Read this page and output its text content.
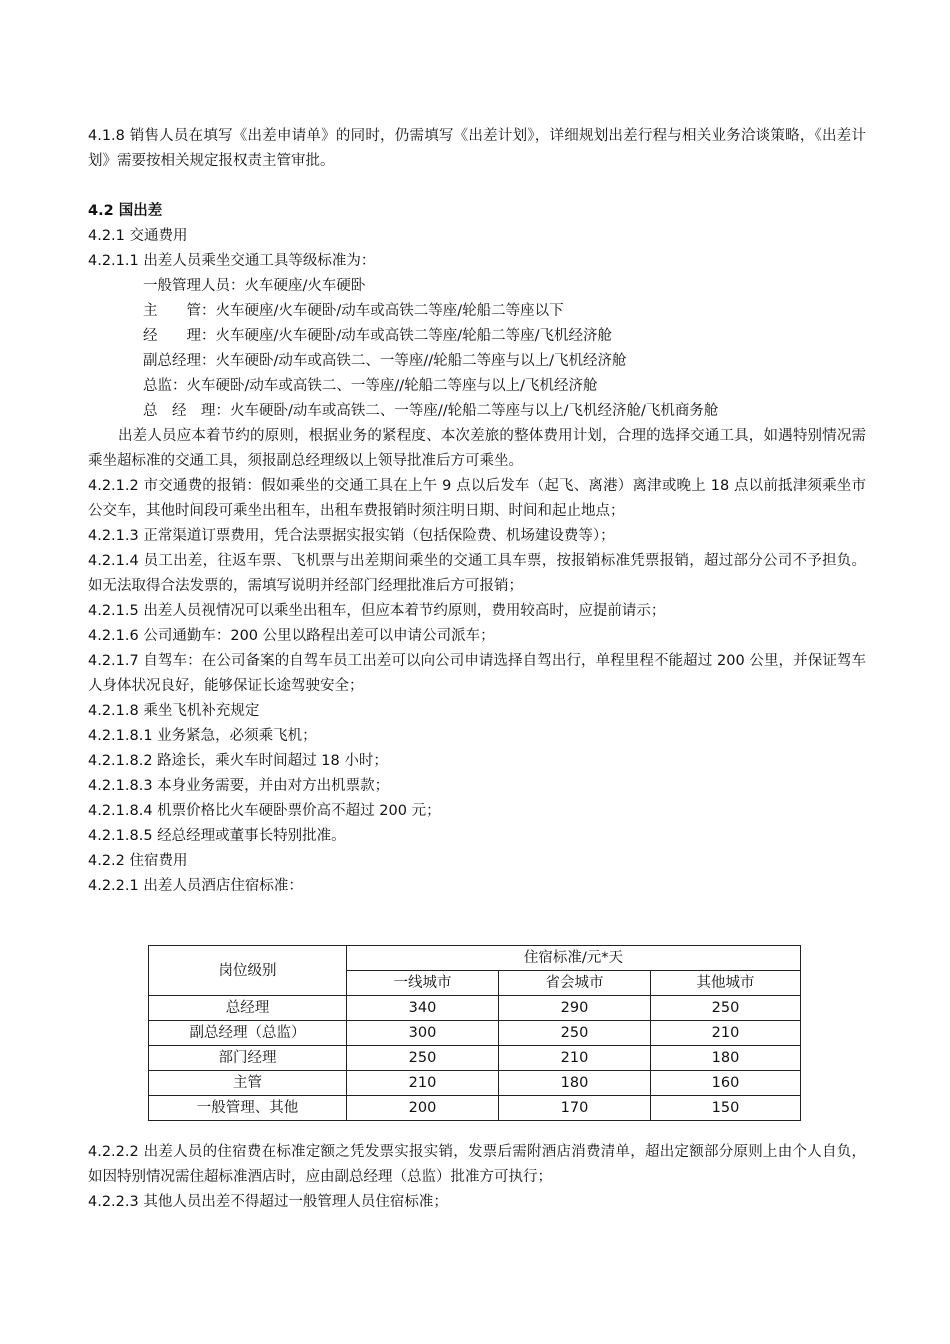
4.1.8 销售人员在填写《出差申请单》的同时，仍需填写《出差计划》，详细规划出差行程与相关业务洽谈策略，《出差计划》需要按相关规定报权责主管审批。

4.2 国出差

4.2.1 交通费用

4.2.1.1 出差人员乘坐交通工具等级标准为：

一般管理人员：火车硬座/火车硬卧

主　　管：火车硬座/火车硬卧/动车或高铁二等座/轮船二等座以下

经　　理：火车硬座/火车硬卧/动车或高铁二等座/轮船二等座/飞机经济舱

副总经理：火车硬卧/动车或高铁二、一等座//轮船二等座与以上/飞机经济舱

总监：火车硬卧/动车或高铁二、一等座//轮船二等座与以上/飞机经济舱

总　经　理：火车硬卧/动车或高铁二、一等座//轮船二等座与以上/飞机经济舱/飞机商务舱

出差人员应本着节约的原则，根据业务的紧程度、本次差旅的整体费用计划，合理的选择交通工具，如遇特别情况需乘坐超标准的交通工具，须报副总经理级以上领导批准后方可乘坐。

4.2.1.2 市交通费的报销：假如乘坐的交通工具在上午 9 点以后发车（起飞、离港）离津或晚上 18 点以前抵津须乘坐市公交车，其他时间段可乘坐出租车，出租车费报销时须注明日期、时间和起止地点；

4.2.1.3 正常渠道订票费用，凭合法票据实报实销（包括保险费、机场建设费等）；

4.2.1.4 员工出差，往返车票、飞机票与出差期间乘坐的交通工具车票，按报销标准凭票报销，超过部分公司不予担负。如无法取得合法发票的，需填写说明并经部门经理批准后方可报销；

4.2.1.5 出差人员视情况可以乘坐出租车，但应本着节约原则，费用较高时，应提前请示；

4.2.1.6 公司通勤车：200 公里以路程出差可以申请公司派车；

4.2.1.7 自驾车：在公司备案的自驾车员工出差可以向公司申请选择自驾出行，单程里程不能超过 200 公里，并保证驾车人身体状况良好，能够保证长途驾驶安全；

4.2.1.8 乘坐飞机补充规定

4.2.1.8.1 业务紧急，必须乘飞机；

4.2.1.8.2 路途长，乘火车时间超过 18 小时；

4.2.1.8.3 本身业务需要，并由对方出机票款；

4.2.1.8.4 机票价格比火车硬卧票价高不超过 200 元；

4.2.1.8.5 经总经理或董事长特别批准。

4.2.2 住宿费用

4.2.2.1 出差人员酒店住宿标准：

岗位级别	住宿标准/元*天		
	一线城市	省会城市	其他城市
总经理	340	290	250
副总经理（总监）	300	250	210
部门经理	250	210	180
主管	210	180	160
一般管理、其他	200	170	150

4.2.2.2 出差人员的住宿费在标准定额之凭发票实报实销，发票后需附酒店消费清单，超出定额部分原则上由个人自负，如因特别情况需住超标准酒店时，应由副总经理（总监）批准方可执行；

4.2.2.3 其他人员出差不得超过一般管理人员住宿标准；
